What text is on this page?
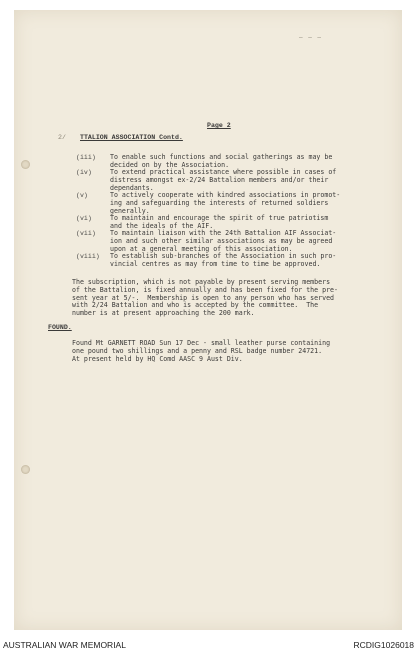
— — —
Page 2
2/ TTALION ASSOCIATION Contd.
(iii) To enable such functions and social gatherings as may be
decided on by the Association.
(iv)	To extend practical assistance where possible in cases of
distress amongst ex-2/24 Battalion members and/or their
dependants.
(v)	To actively cooperate with kindred associations in promot-
ing and safeguarding the interests of returned soldiers
generally.
(vi)	To maintain and encourage the spirit of true patriotism
and the ideals of the AIF.
(vii) To maintain liaison with the 24th Battalion AIF Associat-
ion and such other similar associations as may be agreed
upon at a general meeting of this association.
(viii) To establish sub-branches of the Association in such pro-
vincial centres as may from time to time be approved.
The subscription, which is not payable by present serving members
of the Battalion, is fixed annually and has been fixed for the pre-
sent year at 5/-.  Membership is open to any person who has served
with 2/24 Battalion and who is accepted by the committee.  The
number is at present approaching the 200 mark.
FOUND.
Found Mt GARNETT ROAD Sun 17 Dec - small leather purse containing
one pound two shillings and a penny and RSL badge number 24721.
At present held by HQ Comd AASC 9 Aust Div.
AUSTRALIAN WAR MEMORIAL	RCDIG1026018
